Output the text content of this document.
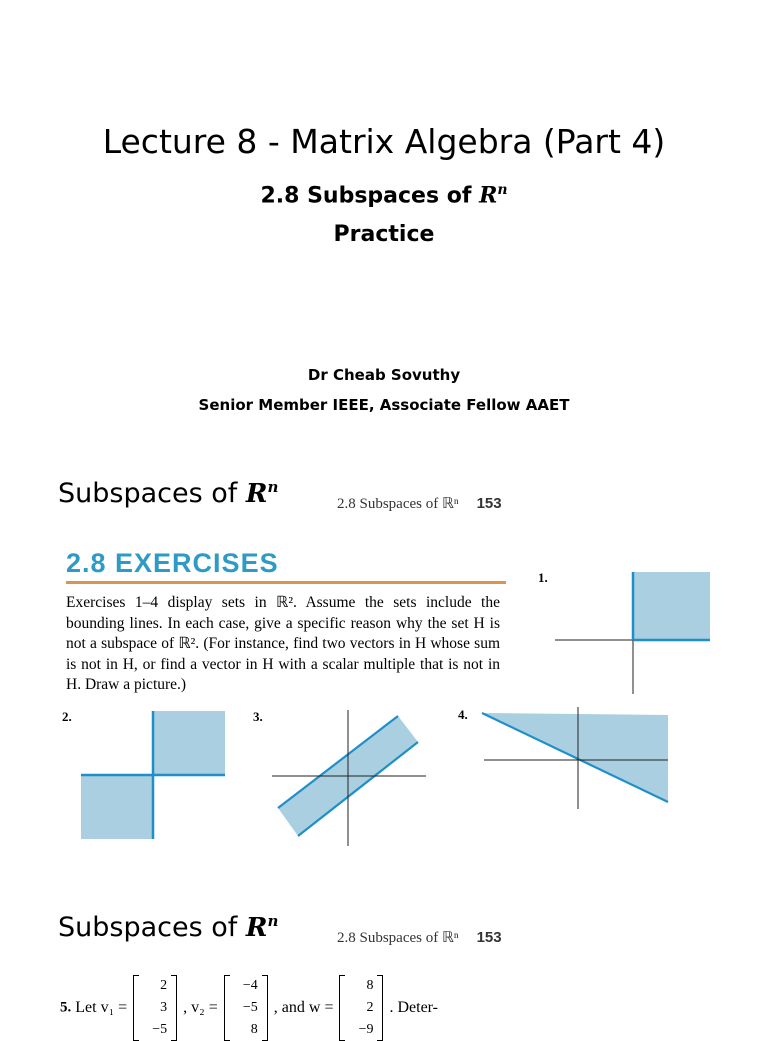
Lecture 8 - Matrix Algebra (Part 4)
2.8 Subspaces of $R^n$
Practice
Dr Cheab Sovuthy
Senior Member IEEE, Associate Fellow AAET
Subspaces of $R^n$
2.8 Subspaces of ℝⁿ 153
2.8 EXERCISES
Exercises 1–4 display sets in ℝ². Assume the sets include the bounding lines. In each case, give a specific reason why the set H is not a subspace of ℝ². (For instance, find two vectors in H whose sum is not in H, or find a vector in H with a scalar multiple that is not in H. Draw a picture.)
1.
2.	3.	4.
Subspaces of $R^n$
2.8 Subspaces of ℝⁿ 153
5. Let v₁ =
2
3
−5
, v₂ =
−4
−5
8
, and w =
8
2
−9
. Deter-
